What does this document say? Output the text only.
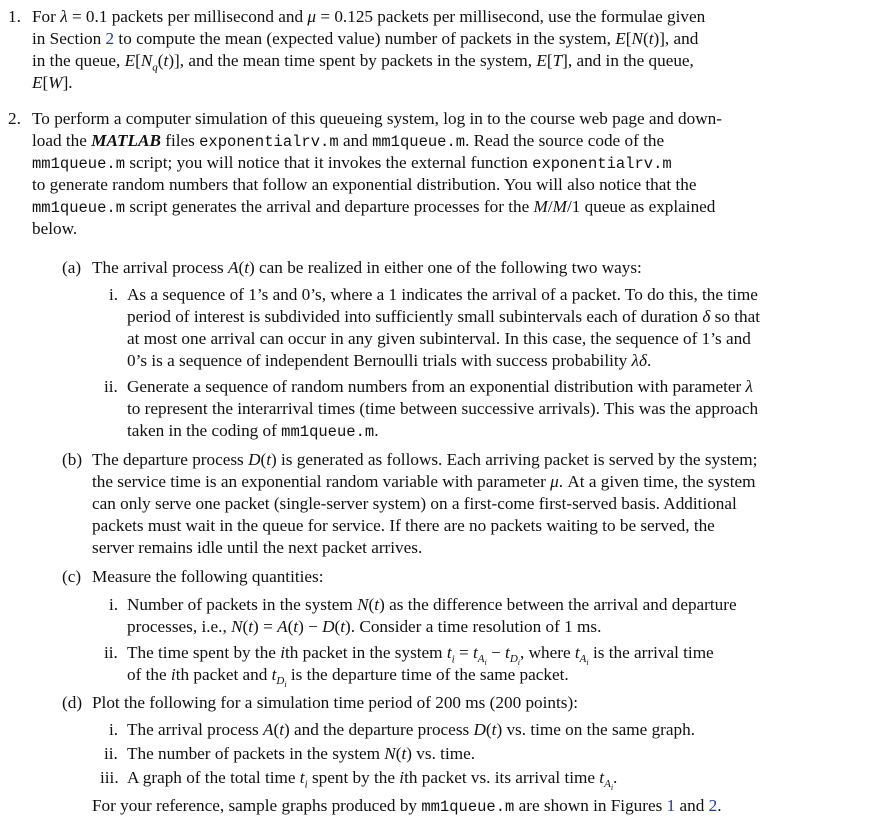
1. For λ = 0.1 packets per millisecond and μ = 0.125 packets per millisecond, use the formulae given
in Section 2 to compute the mean (expected value) number of packets in the system, E[N(t)], and
in the queue, $E[N_q(t)]$, and the mean time spent by packets in the system, E[T], and in the queue,
E[W].
2. To perform a computer simulation of this queueing system, log in to the course web page and down-
load the MATLAB files exponentialrv.m and mm1queue.m. Read the source code of the
mm1queue.m script; you will notice that it invokes the external function exponentialrv.m
to generate random numbers that follow an exponential distribution. You will also notice that the
mm1queue.m script generates the arrival and departure processes for the M/M/1 queue as explained
below.
(a) The arrival process A(t) can be realized in either one of the following two ways:
i. As a sequence of 1’s and 0’s, where a 1 indicates the arrival of a packet. To do this, the time
period of interest is subdivided into sufficiently small subintervals each of duration δ so that
at most one arrival can occur in any given subinterval. In this case, the sequence of 1’s and
0’s is a sequence of independent Bernoulli trials with success probability λδ.
ii. Generate a sequence of random numbers from an exponential distribution with parameter λ
to represent the interarrival times (time between successive arrivals). This was the approach
taken in the coding of mm1queue.m.
(b) The departure process D(t) is generated as follows. Each arriving packet is served by the system;
the service time is an exponential random variable with parameter μ. At a given time, the system
can only serve one packet (single-server system) on a first-come first-served basis. Additional
packets must wait in the queue for service. If there are no packets waiting to be served, the
server remains idle until the next packet arrives.
(c) Measure the following quantities:
i. Number of packets in the system N(t) as the difference between the arrival and departure
processes, i.e., N(t) = A(t) − D(t). Consider a time resolution of 1 ms.
ii. The time spent by the ith packet in the system $t_i = t_{A_i} - t_{D_i}$, where $t_{A_i}$ is the arrival time
of the ith packet and $t_{D_i}$ is the departure time of the same packet.
(d) Plot the following for a simulation time period of 200 ms (200 points):
i. The arrival process A(t) and the departure process D(t) vs. time on the same graph.
ii. The number of packets in the system N(t) vs. time.
iii. A graph of the total time $t_i$ spent by the ith packet vs. its arrival time $t_{A_i}$.
For your reference, sample graphs produced by mm1queue.m are shown in Figures 1 and 2.
